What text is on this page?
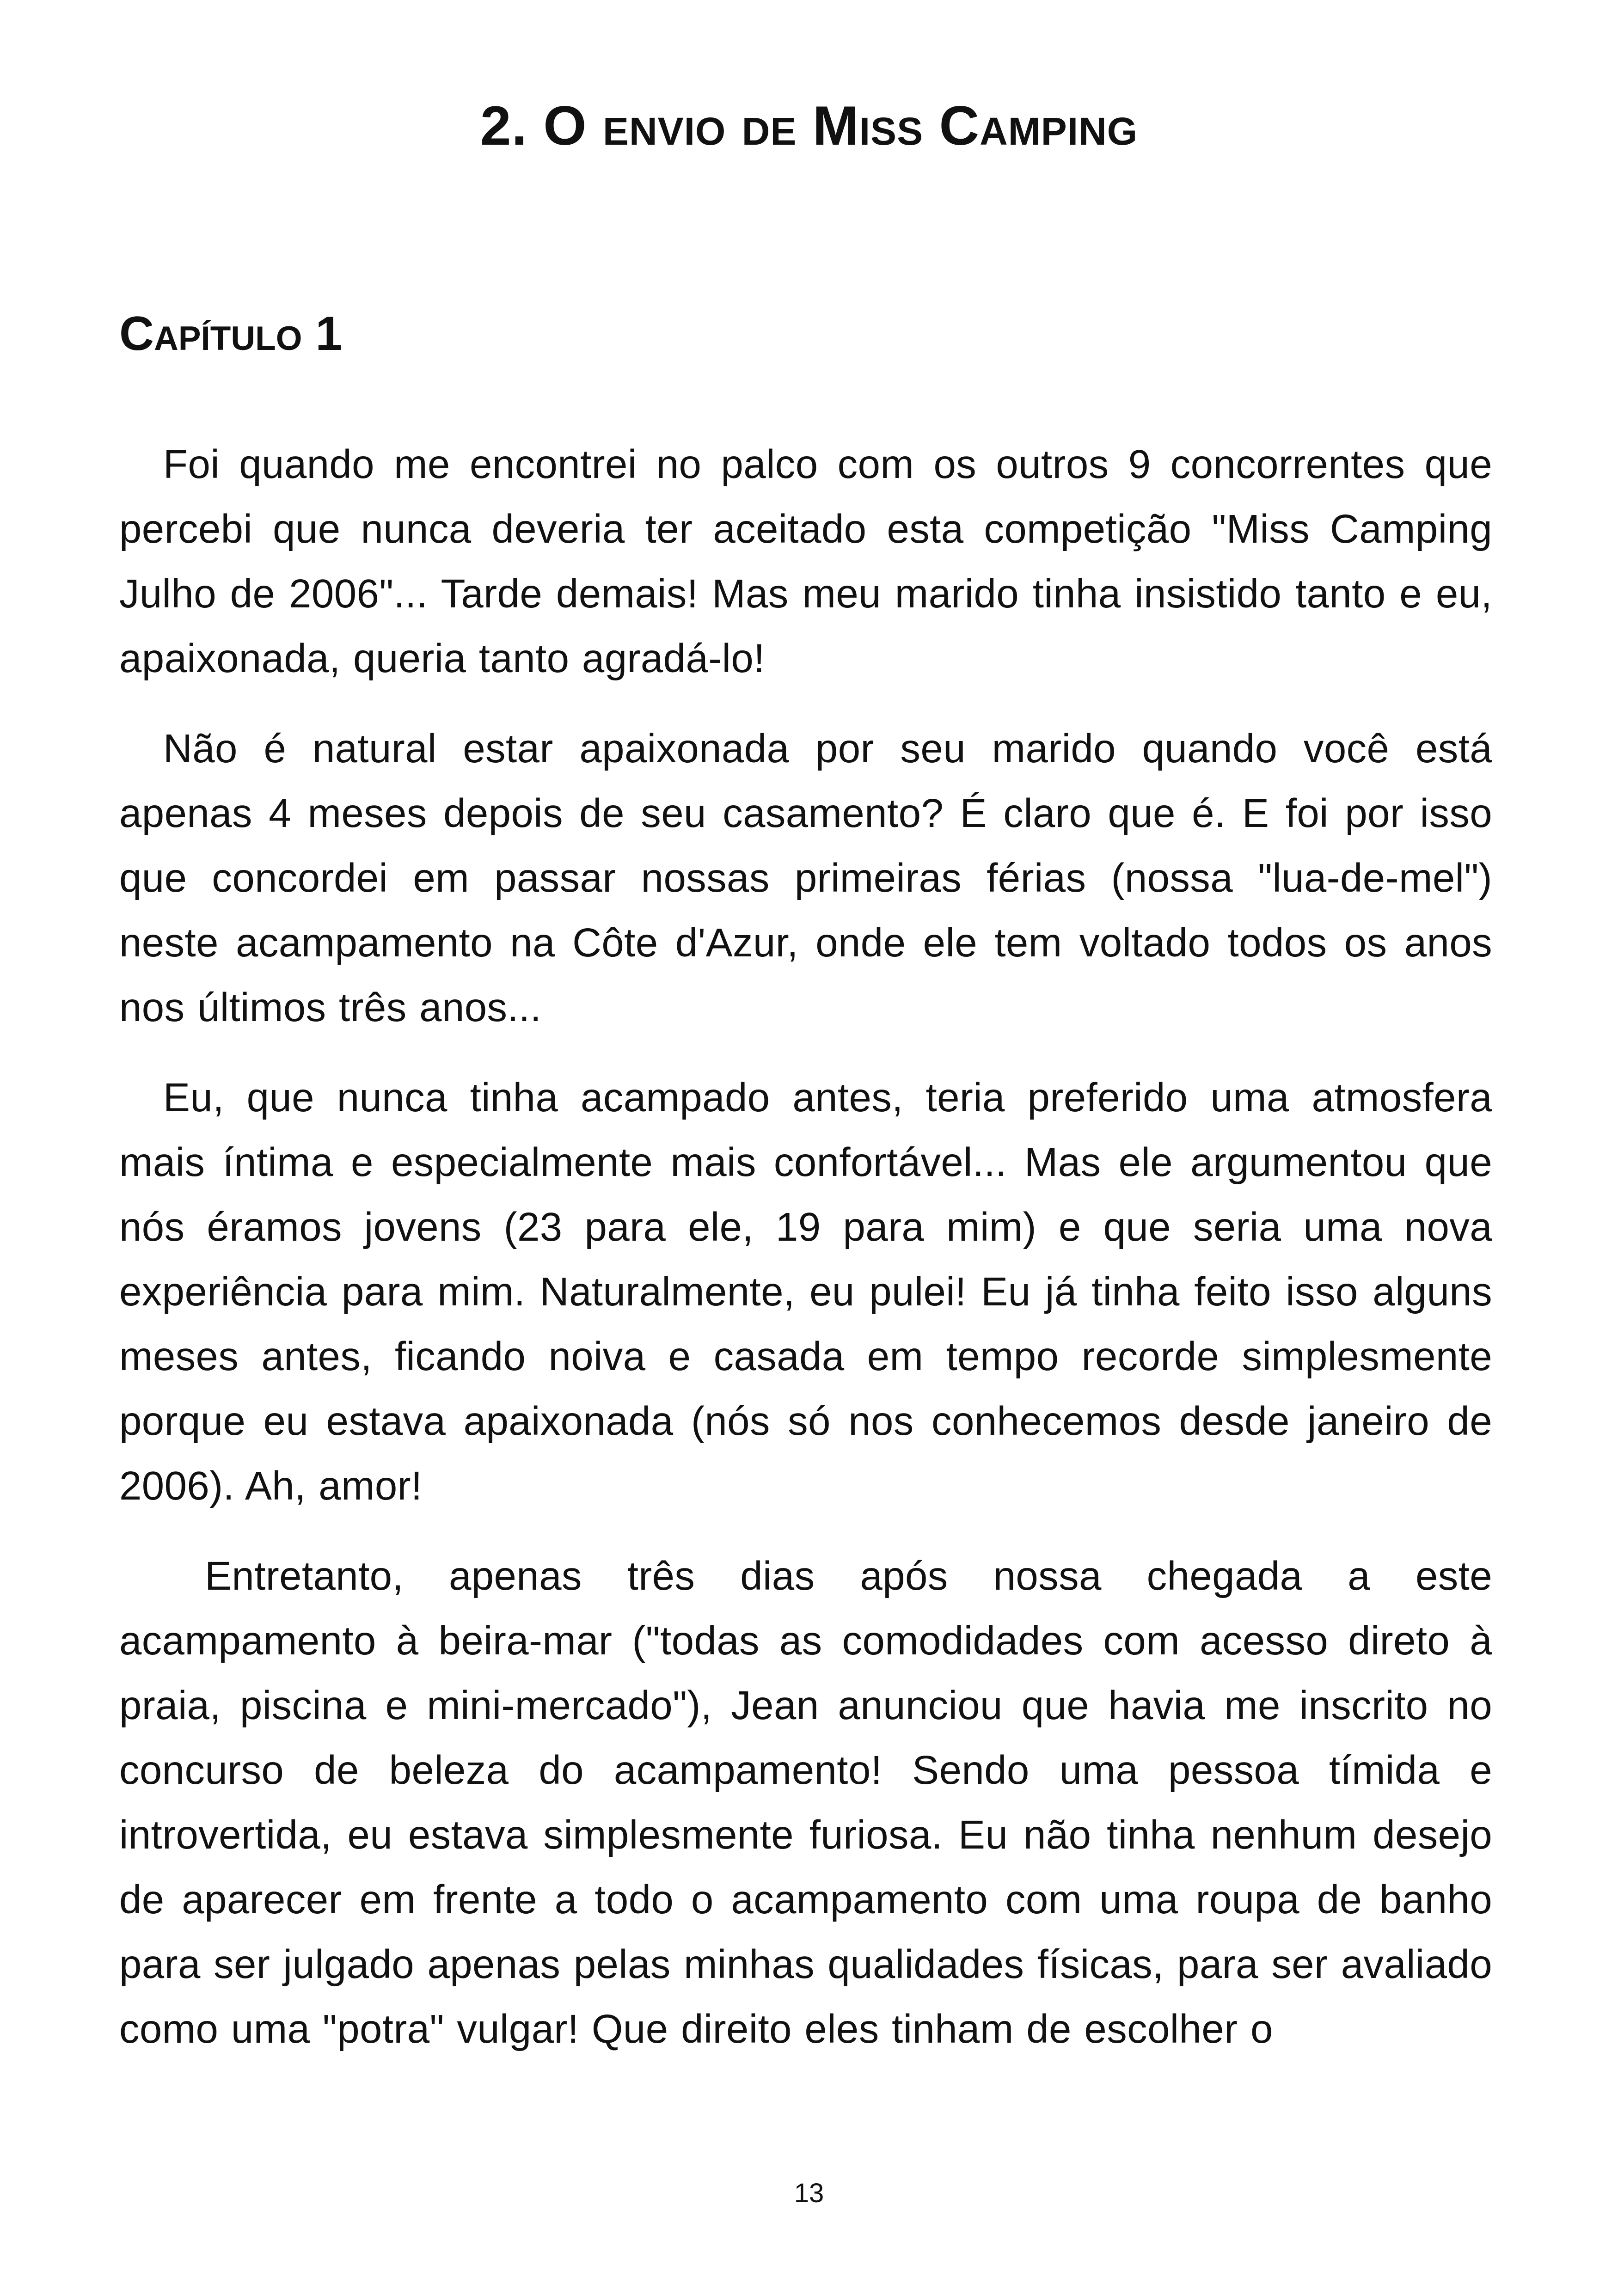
2. O envio de Miss Camping
Capítulo 1

Foi quando me encontrei no palco com os outros 9 concorrentes que percebi que nunca deveria ter aceitado esta competição "Miss Camping Julho de 2006"... Tarde demais! Mas meu marido tinha insistido tanto e eu, apaixonada, queria tanto agradá-lo!

Não é natural estar apaixonada por seu marido quando você está apenas 4 meses depois de seu casamento? É claro que é. E foi por isso que concordei em passar nossas primeiras férias (nossa "lua-de-mel") neste acampamento na Côte d'Azur, onde ele tem voltado todos os anos nos últimos três anos...

Eu, que nunca tinha acampado antes, teria preferido uma atmosfera mais íntima e especialmente mais confortável... Mas ele argumentou que nós éramos jovens (23 para ele, 19 para mim) e que seria uma nova experiência para mim. Naturalmente, eu pulei! Eu já tinha feito isso alguns meses antes, ficando noiva e casada em tempo recorde simplesmente porque eu estava apaixonada (nós só nos conhecemos desde janeiro de 2006). Ah, amor!

Entretanto, apenas três dias após nossa chegada a este acampamento à beira-mar ("todas as comodidades com acesso direto à praia, piscina e mini-mercado"), Jean anunciou que havia me inscrito no concurso de beleza do acampamento! Sendo uma pessoa tímida e introvertida, eu estava simplesmente furiosa. Eu não tinha nenhum desejo de aparecer em frente a todo o acampamento com uma roupa de banho para ser julgado apenas pelas minhas qualidades físicas, para ser avaliado como uma "potra" vulgar! Que direito eles tinham de escolher o

13
